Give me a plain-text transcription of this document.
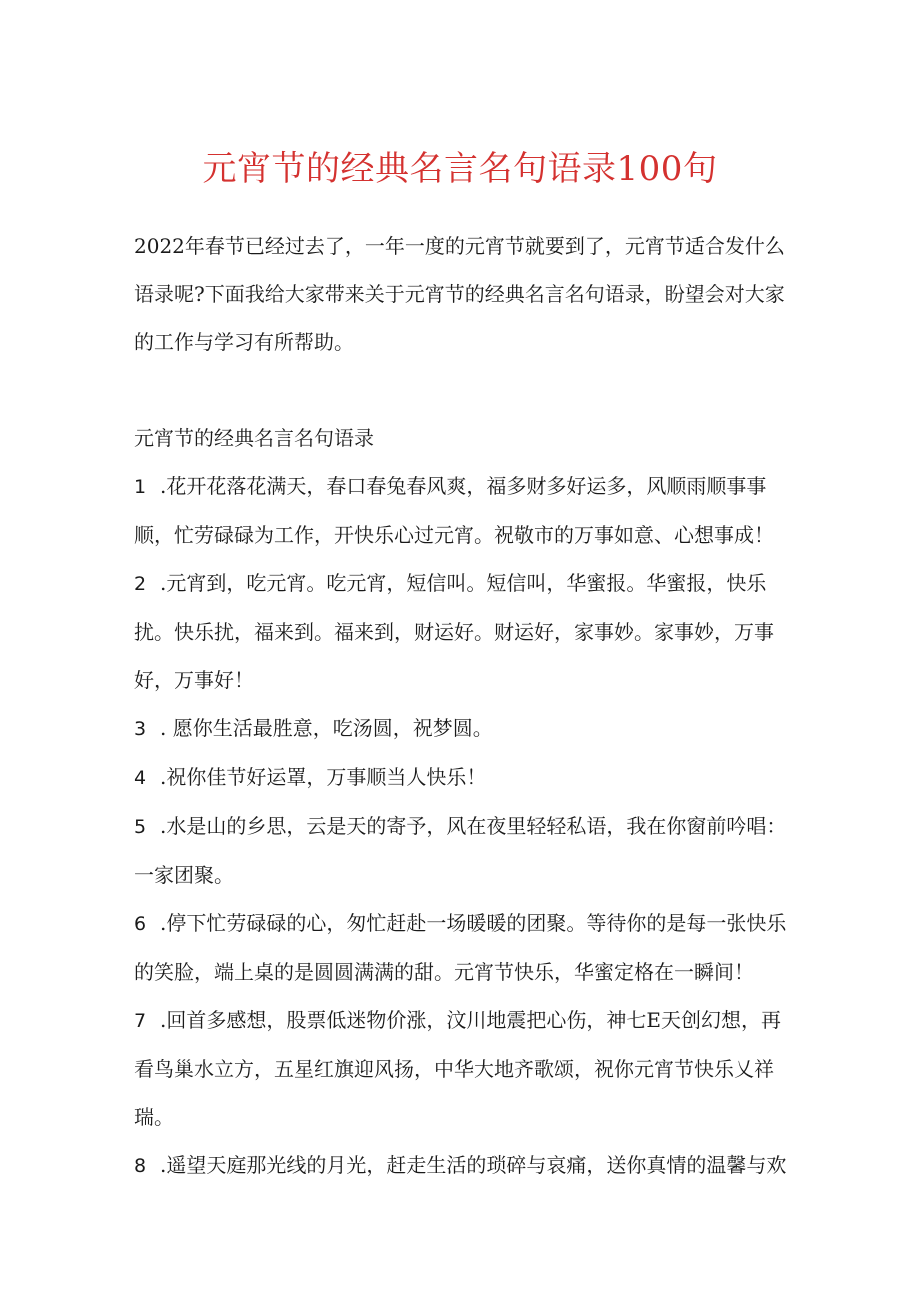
元宵节的经典名言名句语录100句

2022年春节已经过去了，一年一度的元宵节就要到了，元宵节适合发什么语录呢?下面我给大家带来关于元宵节的经典名言名句语录，盼望会对大家的工作与学习有所帮助。

元宵节的经典名言名句语录
1 .花开花落花满天，春口春兔春风爽，福多财多好运多，风顺雨顺事事顺，忙劳碌碌为工作，开快乐心过元宵。祝敬市的万事如意、心想事成！
2 .元宵到，吃元宵。吃元宵，短信叫。短信叫，华蜜报。华蜜报，快乐扰。快乐扰，福来到。福来到，财运好。财运好，家事妙。家事妙，万事好，万事好！
3 . 愿你生活最胜意，吃汤圆，祝梦圆。
4 .祝你佳节好运罩，万事顺当人快乐！
5 .水是山的乡思，云是天的寄予，风在夜里轻轻私语，我在你窗前吟唱：一家团聚。
6 .停下忙劳碌碌的心，匆忙赶赴一场暖暖的团聚。等待你的是每一张快乐的笑脸，端上桌的是圆圆满满的甜。元宵节快乐，华蜜定格在一瞬间！
7 .回首多感想，股票低迷物价涨，汶川地震把心伤，神七E天创幻想，再看鸟巢水立方，五星红旗迎风扬，中华大地齐歌颂，祝你元宵节快乐乂祥瑞。
8 .遥望天庭那光线的月光，赶走生活的琐碎与哀痛，送你真情的温馨与欢
